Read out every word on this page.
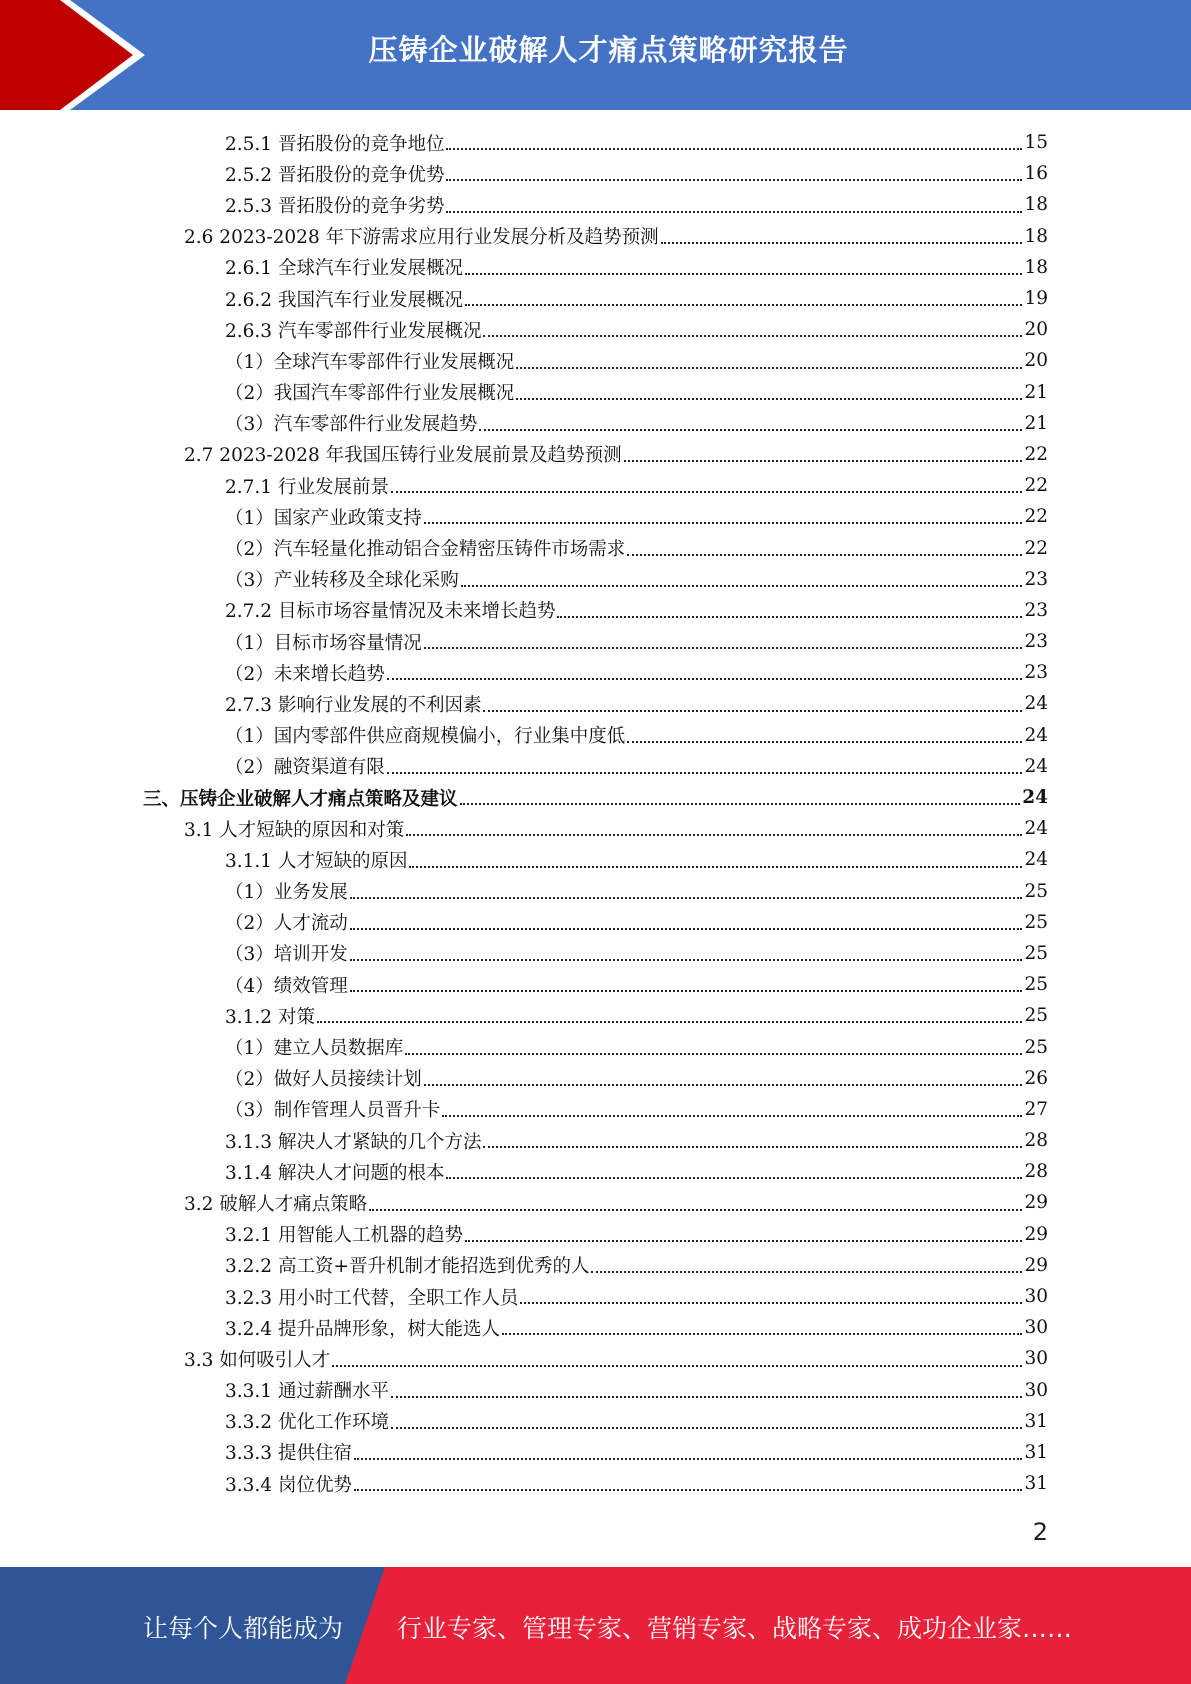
压铸企业破解人才痛点策略研究报告
2.5.1 晋拓股份的竞争地位	15
2.5.2 晋拓股份的竞争优势	16
2.5.3 晋拓股份的竞争劣势	18
2.6 2023-2028 年下游需求应用行业发展分析及趋势预测	18
2.6.1 全球汽车行业发展概况	18
2.6.2 我国汽车行业发展概况	19
2.6.3 汽车零部件行业发展概况	20
（1）全球汽车零部件行业发展概况	20
（2）我国汽车零部件行业发展概况	21
（3）汽车零部件行业发展趋势	21
2.7 2023-2028 年我国压铸行业发展前景及趋势预测	22
2.7.1 行业发展前景	22
（1）国家产业政策支持	22
（2）汽车轻量化推动铝合金精密压铸件市场需求	22
（3）产业转移及全球化采购	23
2.7.2 目标市场容量情况及未来增长趋势	23
（1）目标市场容量情况	23
（2）未来增长趋势	23
2.7.3 影响行业发展的不利因素	24
（1）国内零部件供应商规模偏小，行业集中度低	24
（2）融资渠道有限	24
三、压铸企业破解人才痛点策略及建议	24
3.1 人才短缺的原因和对策	24
3.1.1 人才短缺的原因	24
（1）业务发展	25
（2）人才流动	25
（3）培训开发	25
（4）绩效管理	25
3.1.2 对策	25
（1）建立人员数据库	25
（2）做好人员接续计划	26
（3）制作管理人员晋升卡	27
3.1.3 解决人才紧缺的几个方法	28
3.1.4 解决人才问题的根本	28
3.2 破解人才痛点策略	29
3.2.1 用智能人工机器的趋势	29
3.2.2 高工资+晋升机制才能招选到优秀的人	29
3.2.3 用小时工代替，全职工作人员	30
3.2.4 提升品牌形象，树大能选人	30
3.3 如何吸引人才	30
3.3.1 通过薪酬水平	30
3.3.2 优化工作环境	31
3.3.3 提供住宿	31
3.3.4 岗位优势	31
2
让每个人都能成为 行业专家、管理专家、营销专家、战略专家、成功企业家……
